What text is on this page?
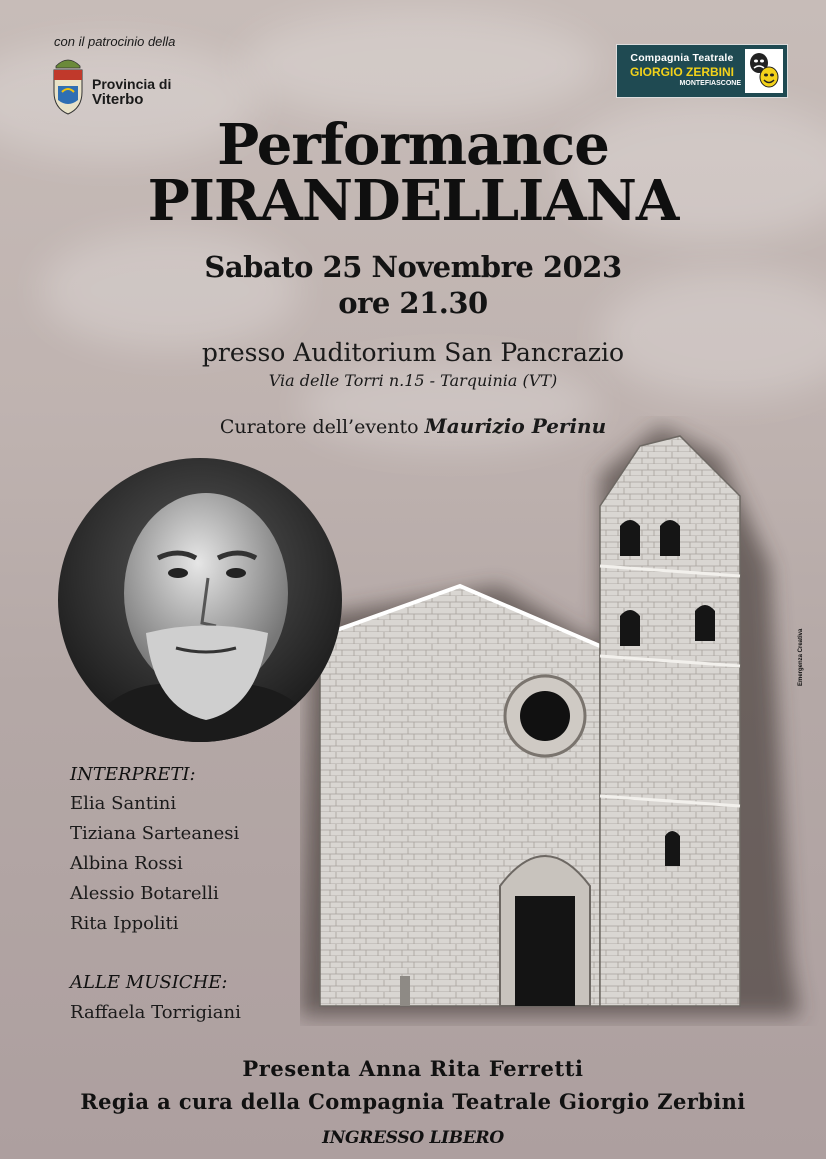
con il patrocinio della
Provincia di
Viterbo
Compagnia Teatrale
GIORGIO ZERBINI
MONTEFIASCONE
Performance
PIRANDELLIANA
Sabato 25 Novembre 2023
ore 21.30
presso Auditorium San Pancrazio
Via delle Torri n.15 - Tarquinia (VT)
Curatore dell’evento Maurizio Perinu
Emergenza Creativa
INTERPRETI:
Elia Santini
Tiziana Sarteanesi
Albina Rossi
Alessio Botarelli
Rita Ippoliti
ALLE MUSICHE:
Raffaela Torrigiani
Presenta Anna Rita Ferretti
Regia a cura della Compagnia Teatrale Giorgio Zerbini
INGRESSO LIBERO
